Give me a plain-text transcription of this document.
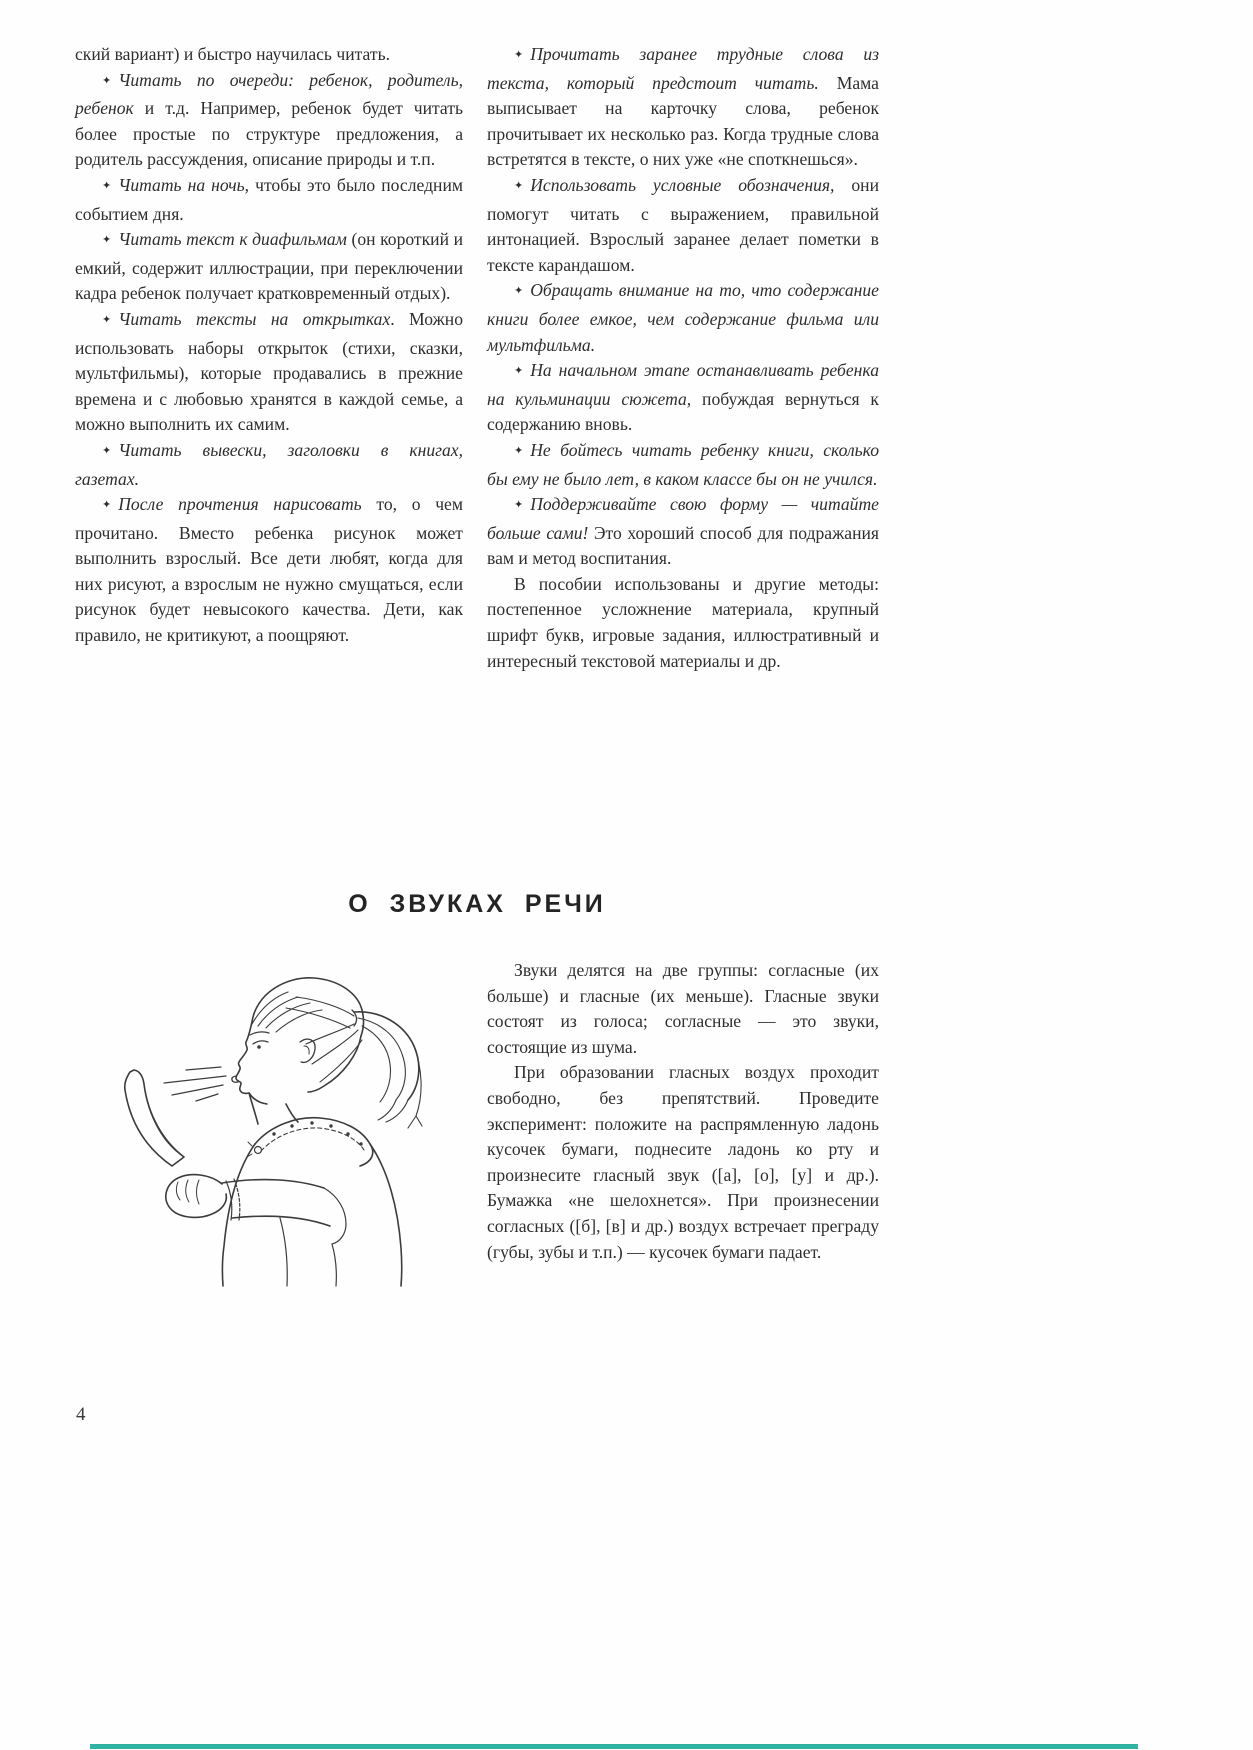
ский вариант) и быстро научилась читать.

✦ Читать по очереди: ребенок, родитель, ребенок и т.д. Например, ребенок будет читать более простые по структуре предложения, а родитель рассуждения, описание природы и т.п.

✦ Читать на ночь, чтобы это было последним событием дня.

✦ Читать текст к диафильмам (он короткий и емкий, содержит иллюстрации, при переключении кадра ребенок получает кратковременный отдых).

✦ Читать тексты на открытках. Можно использовать наборы открыток (стихи, сказки, мультфильмы), которые продавались в прежние времена и с любовью хранятся в каждой семье, а можно выполнить их самим.

✦ Читать вывески, заголовки в книгах, газетах.

✦ После прочтения нарисовать то, о чем прочитано. Вместо ребенка рисунок может выполнить взрослый. Все дети любят, когда для них рисуют, а взрослым не нужно смущаться, если рисунок будет невысокого качества. Дети, как правило, не критикуют, а поощряют.

✦ Прочитать заранее трудные слова из текста, который предстоит читать. Мама выписывает на карточку слова, ребенок прочитывает их несколько раз. Когда трудные слова встретятся в тексте, о них уже «не споткнешься».

✦ Использовать условные обозначения, они помогут читать с выражением, правильной интонацией. Взрослый заранее делает пометки в тексте карандашом.

✦ Обращать внимание на то, что содержание книги более емкое, чем содержание фильма или мультфильма.

✦ На начальном этапе останавливать ребенка на кульминации сюжета, побуждая вернуться к содержанию вновь.

✦ Не бойтесь читать ребенку книги, сколько бы ему не было лет, в каком классе бы он не учился.

✦ Поддерживайте свою форму — читайте больше сами! Это хороший способ для подражания вам и метод воспитания.

В пособии использованы и другие методы: постепенное усложнение материала, крупный шрифт букв, игровые задания, иллюстративный и интересный текстовой материалы и др.

О ЗВУКАХ РЕЧИ

Звуки делятся на две группы: согласные (их больше) и гласные (их меньше). Гласные звуки состоят из голоса; согласные — это звуки, состоящие из шума.

При образовании гласных воздух проходит свободно, без препятствий. Проведите эксперимент: положите на распрямленную ладонь кусочек бумаги, поднесите ладонь ко рту и произнесите гласный звук ([а], [о], [у] и др.). Бумажка «не шелохнется». При произнесении согласных ([б], [в] и др.) воздух встречает преграду (губы, зубы и т.п.) — кусочек бумаги падает.

4
